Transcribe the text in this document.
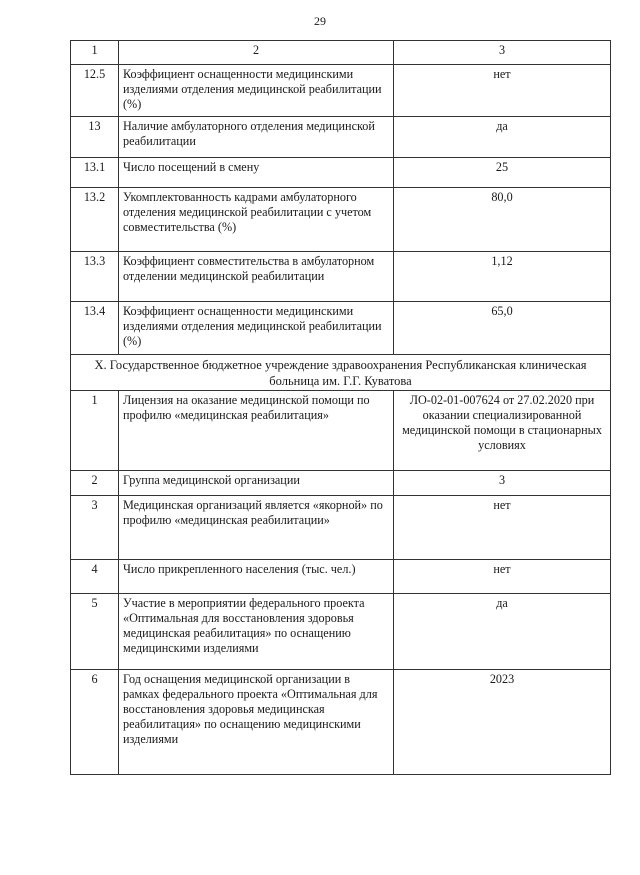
29
1	2	3
12.5	Коэффициент оснащенности медицинскими изделиями отделения медицинской реабилитации (%)	нет
13	Наличие амбулаторного отделения медицинской реабилитации	да
13.1	Число посещений в смену	25
13.2	Укомплектованность кадрами амбулаторного отделения медицинской реабилитации с учетом совместительства (%)	80,0
13.3	Коэффициент совместительства в амбулаторном отделении медицинской реабилитации	1,12
13.4	Коэффициент оснащенности медицинскими изделиями отделения медицинской реабилитации (%)	65,0
X. Государственное бюджетное учреждение здравоохранения Республиканская клиническая больница им. Г.Г. Куватова		
1	Лицензия на оказание медицинской помощи по профилю «медицинская реабилитация»	ЛО-02-01-007624 от 27.02.2020 при оказании специализированной медицинской помощи в стационарных условиях
2	Группа медицинской организации	3
3	Медицинская организаций является «якорной» по профилю «медицинская реабилитации»	нет
4	Число прикрепленного населения (тыс. чел.)	нет
5	Участие в мероприятии федерального проекта «Оптимальная для восстановления здоровья медицинская реабилитация» по оснащению медицинскими изделиями	да
6	Год оснащения медицинской организации в рамках федерального проекта «Оптимальная для восстановления здоровья медицинская реабилитация» по оснащению медицинскими изделиями	2023
